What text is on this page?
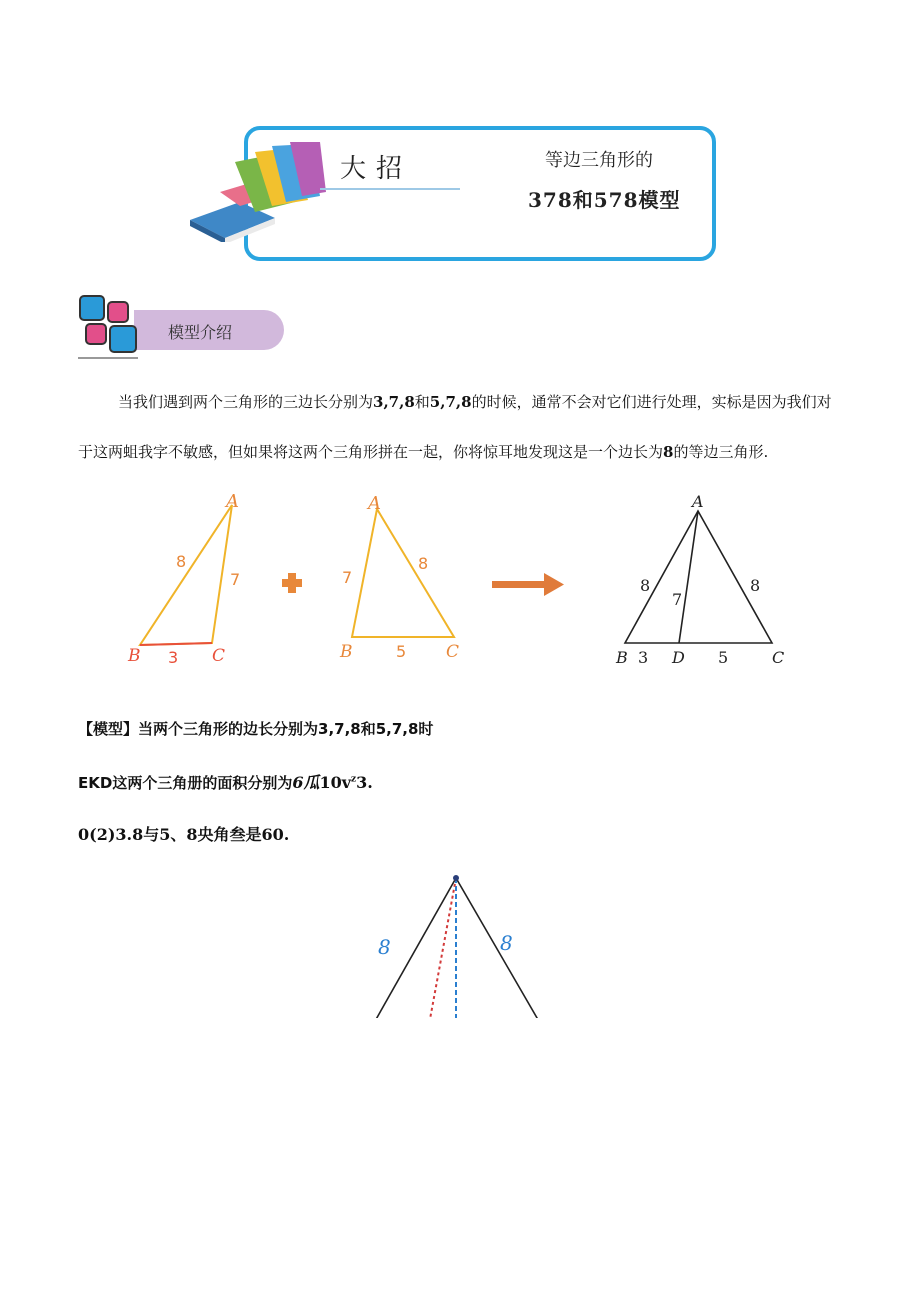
大招	等边三角形的
378和578模型
模型介绍
当我们遇到两个三角形的三边长分别为3,7,8和5,7,8的时候，通常不会对它们进行处理，实标是因为我们对
于这两蛆我字不敏感，但如果将这两个三角形拼在一起，你将惊耳地发现这是一个边长为8的等边三角形.
A
B	C
8
7
3
A
B	C
7
8
5
A
B	D	C
8
7
8
3	5
【模型】当两个三角形的边长分别为3,7,8和5,7,8时
EKD这两个三角册的面积分别为6瓜$10v^z3$.
0(2)3.8与5、8央角叁是60.
8	8
